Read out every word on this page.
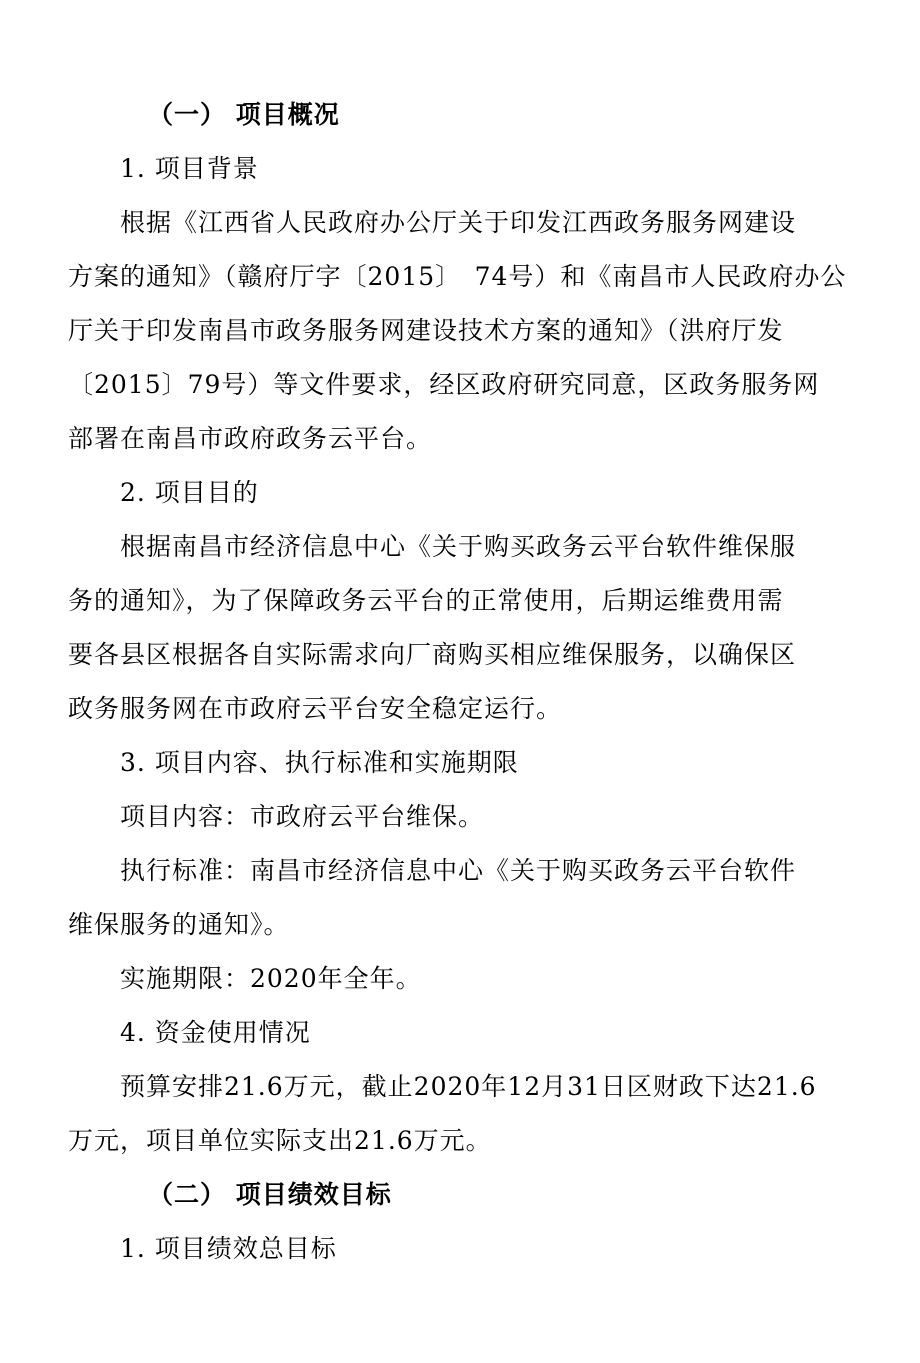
（一） 项目概况
1. 项目背景
根据《江西省人民政府办公厅关于印发江西政务服务网建设
方案的通知》（赣府厅字〔2015〕　74号）和《南昌市人民政府办公
厅关于印发南昌市政务服务网建设技术方案的通知》（洪府厅发
〔2015〕79号）等文件要求，经区政府研究同意，区政务服务网
部署在南昌市政府政务云平台。
2. 项目目的
根据南昌市经济信息中心《关于购买政务云平台软件维保服
务的通知》，为了保障政务云平台的正常使用，后期运维费用需
要各县区根据各自实际需求向厂商购买相应维保服务，以确保区
政务服务网在市政府云平台安全稳定运行。
3. 项目内容、执行标准和实施期限
项目内容：市政府云平台维保。
执行标准：南昌市经济信息中心《关于购买政务云平台软件
维保服务的通知》。
实施期限：2020年全年。
4. 资金使用情况
预算安排21.6万元，截止2020年12月31日区财政下达21.6
万元，项目单位实际支出21.6万元。
（二） 项目绩效目标
1. 项目绩效总目标
